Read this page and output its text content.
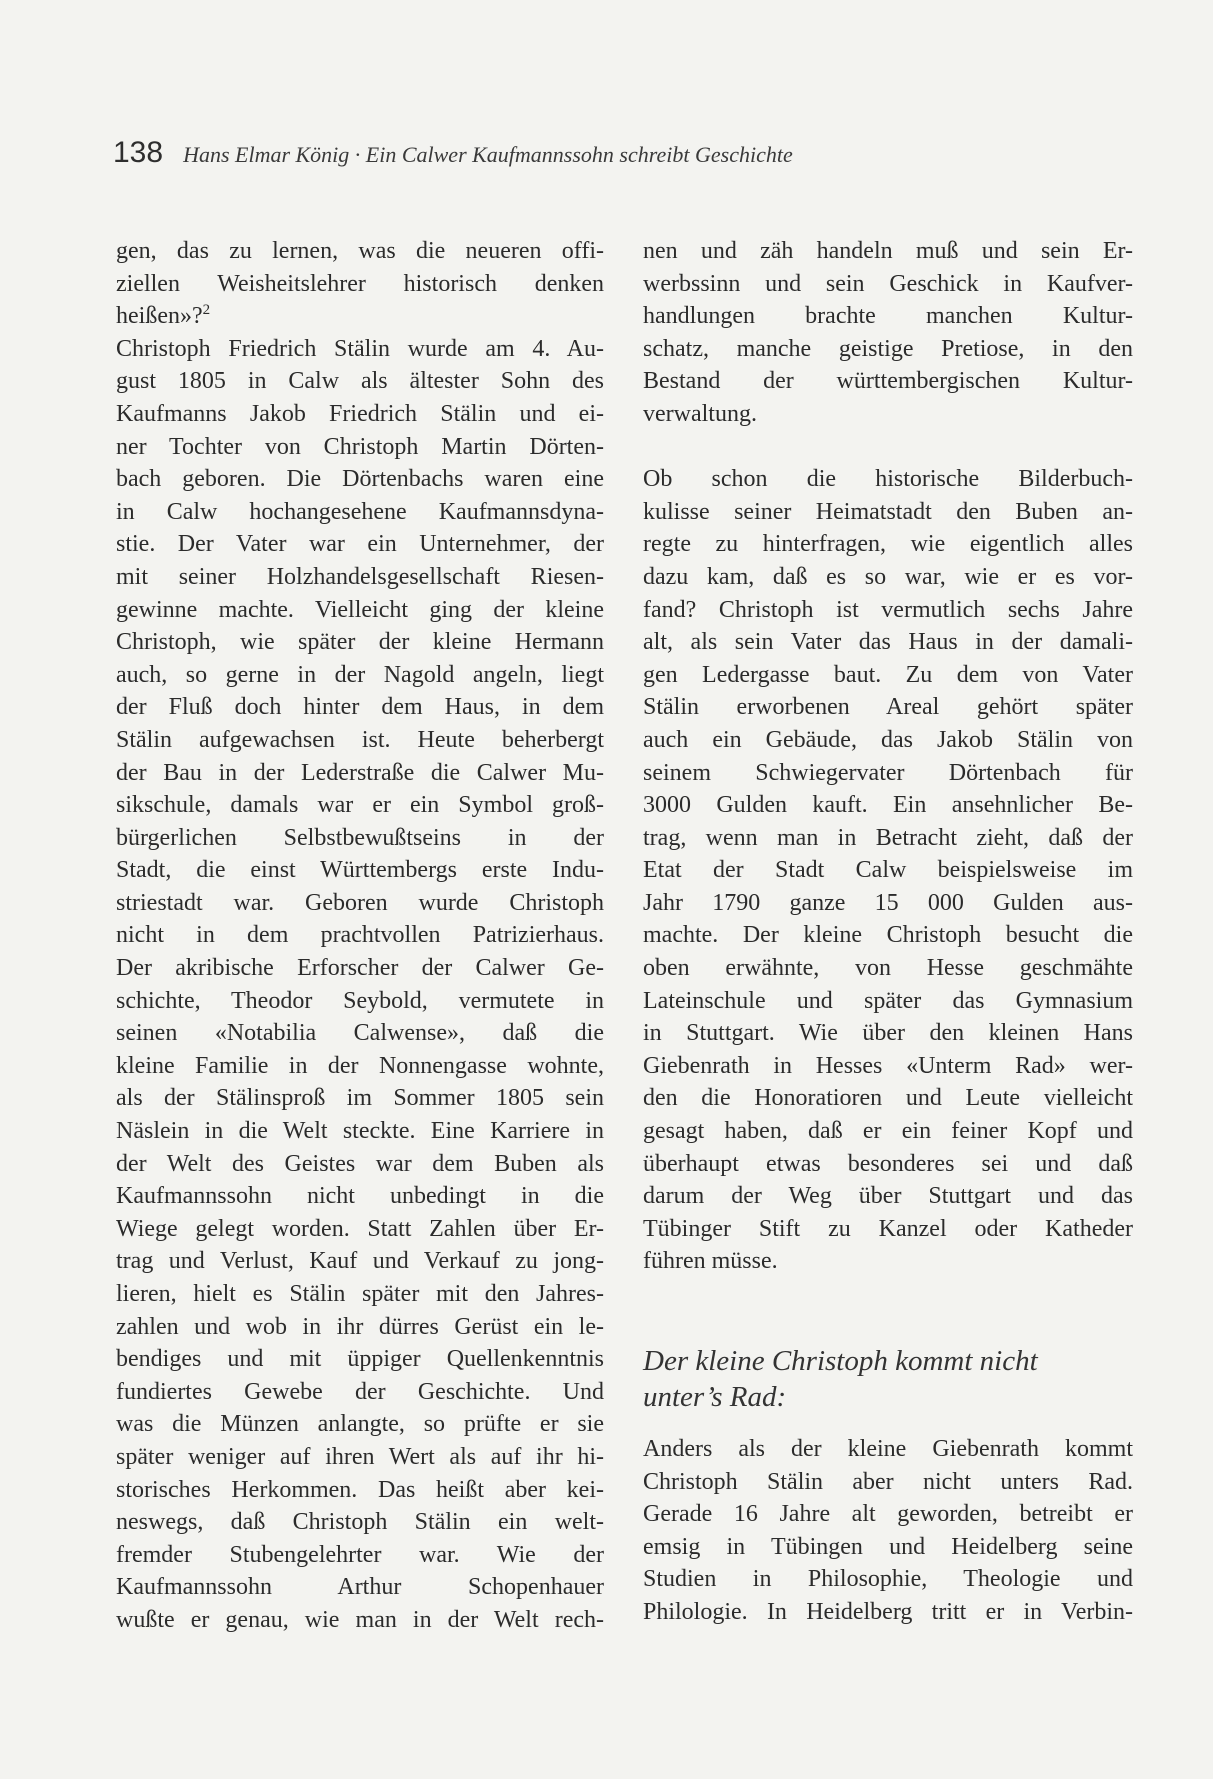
138 Hans Elmar König · Ein Calwer Kaufmannssohn schreibt Geschichte
gen, das zu lernen, was die neueren offi-
ziellen Weisheitslehrer historisch denken
heißen»?$^2$
Christoph Friedrich Stälin wurde am 4. Au-
gust 1805 in Calw als ältester Sohn des
Kaufmanns Jakob Friedrich Stälin und ei-
ner Tochter von Christoph Martin Dörten-
bach geboren. Die Dörtenbachs waren eine
in Calw hochangesehene Kaufmannsdyna-
stie. Der Vater war ein Unternehmer, der
mit seiner Holzhandelsgesellschaft Riesen-
gewinne machte. Vielleicht ging der kleine
Christoph, wie später der kleine Hermann
auch, so gerne in der Nagold angeln, liegt
der Fluß doch hinter dem Haus, in dem
Stälin aufgewachsen ist. Heute beherbergt
der Bau in der Lederstraße die Calwer Mu-
sikschule, damals war er ein Symbol groß-
bürgerlichen Selbstbewußtseins in der
Stadt, die einst Württembergs erste Indu-
striestadt war. Geboren wurde Christoph
nicht in dem prachtvollen Patrizierhaus.
Der akribische Erforscher der Calwer Ge-
schichte, Theodor Seybold, vermutete in
seinen «Notabilia Calwense», daß die
kleine Familie in der Nonnengasse wohnte,
als der Stälinsproß im Sommer 1805 sein
Näslein in die Welt steckte. Eine Karriere in
der Welt des Geistes war dem Buben als
Kaufmannssohn nicht unbedingt in die
Wiege gelegt worden. Statt Zahlen über Er-
trag und Verlust, Kauf und Verkauf zu jong-
lieren, hielt es Stälin später mit den Jahres-
zahlen und wob in ihr dürres Gerüst ein le-
bendiges und mit üppiger Quellenkenntnis
fundiertes Gewebe der Geschichte. Und
was die Münzen anlangte, so prüfte er sie
später weniger auf ihren Wert als auf ihr hi-
storisches Herkommen. Das heißt aber kei-
neswegs, daß Christoph Stälin ein welt-
fremder Stubengelehrter war. Wie der
Kaufmannssohn Arthur Schopenhauer
wußte er genau, wie man in der Welt rech-
nen und zäh handeln muß und sein Er-
werbssinn und sein Geschick in Kaufver-
handlungen brachte manchen Kultur-
schatz, manche geistige Pretiose, in den
Bestand der württembergischen Kultur-
verwaltung.
Ob schon die historische Bilderbuch-
kulisse seiner Heimatstadt den Buben an-
regte zu hinterfragen, wie eigentlich alles
dazu kam, daß es so war, wie er es vor-
fand? Christoph ist vermutlich sechs Jahre
alt, als sein Vater das Haus in der damali-
gen Ledergasse baut. Zu dem von Vater
Stälin erworbenen Areal gehört später
auch ein Gebäude, das Jakob Stälin von
seinem Schwiegervater Dörtenbach für
3000 Gulden kauft. Ein ansehnlicher Be-
trag, wenn man in Betracht zieht, daß der
Etat der Stadt Calw beispielsweise im
Jahr 1790 ganze 15 000 Gulden aus-
machte. Der kleine Christoph besucht die
oben erwähnte, von Hesse geschmähte
Lateinschule und später das Gymnasium
in Stuttgart. Wie über den kleinen Hans
Giebenrath in Hesses «Unterm Rad» wer-
den die Honoratioren und Leute vielleicht
gesagt haben, daß er ein feiner Kopf und
überhaupt etwas besonderes sei und daß
darum der Weg über Stuttgart und das
Tübinger Stift zu Kanzel oder Katheder
führen müsse.
Der kleine Christoph kommt nicht
unter’s Rad:
Anders als der kleine Giebenrath kommt
Christoph Stälin aber nicht unters Rad.
Gerade 16 Jahre alt geworden, betreibt er
emsig in Tübingen und Heidelberg seine
Studien in Philosophie, Theologie und
Philologie. In Heidelberg tritt er in Verbin-
